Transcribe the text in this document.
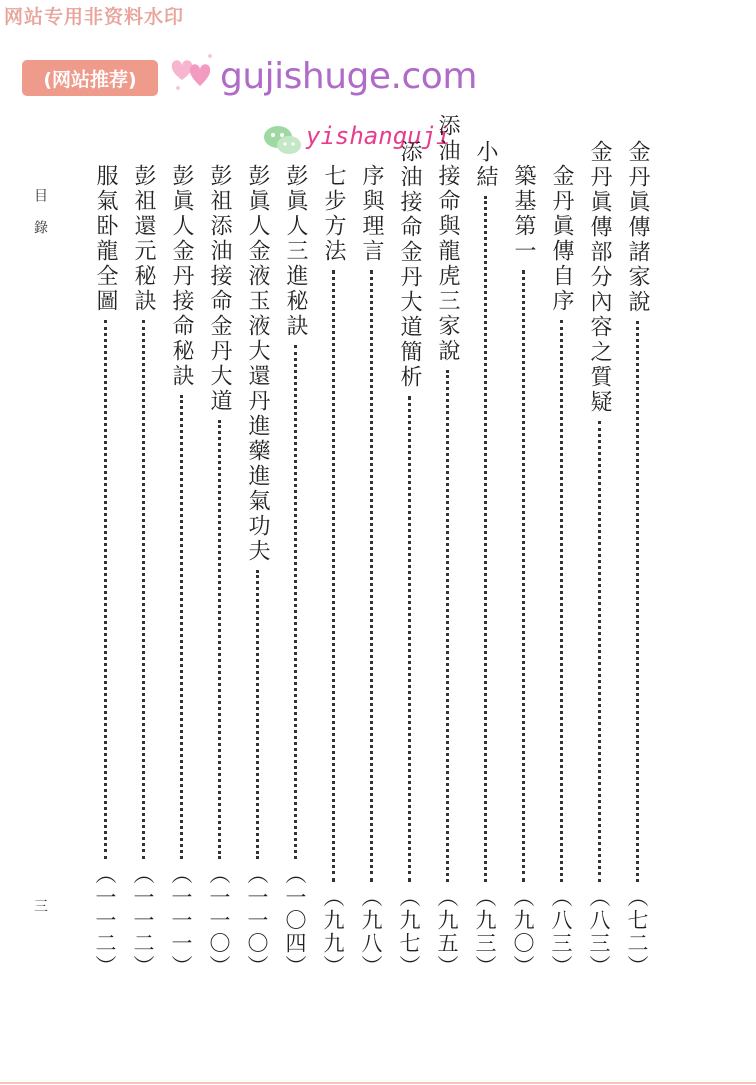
网站专用非资料水印
(网站推荐)	gujishuge.com
yishanguji
金丹眞傳諸家說
（七二）
金丹眞傳部分內容之質疑
（八三）
金丹眞傳自序
（八三）
築基第一
（九〇）
小結
（九三）
添油接命與龍虎三家說
（九五）
添油接命金丹大道簡析
（九七）
序與理言
（九八）
七步方法
（九九）
彭眞人三進秘訣
（一〇四）
彭眞人金液玉液大還丹進藥進氣功夫
（一一〇）
彭祖添油接命金丹大道
（一一〇）
彭眞人金丹接命秘訣
（一一一）
彭祖還元秘訣
（一一二）
服氣卧龍全圖
（一一二）
目錄
三
